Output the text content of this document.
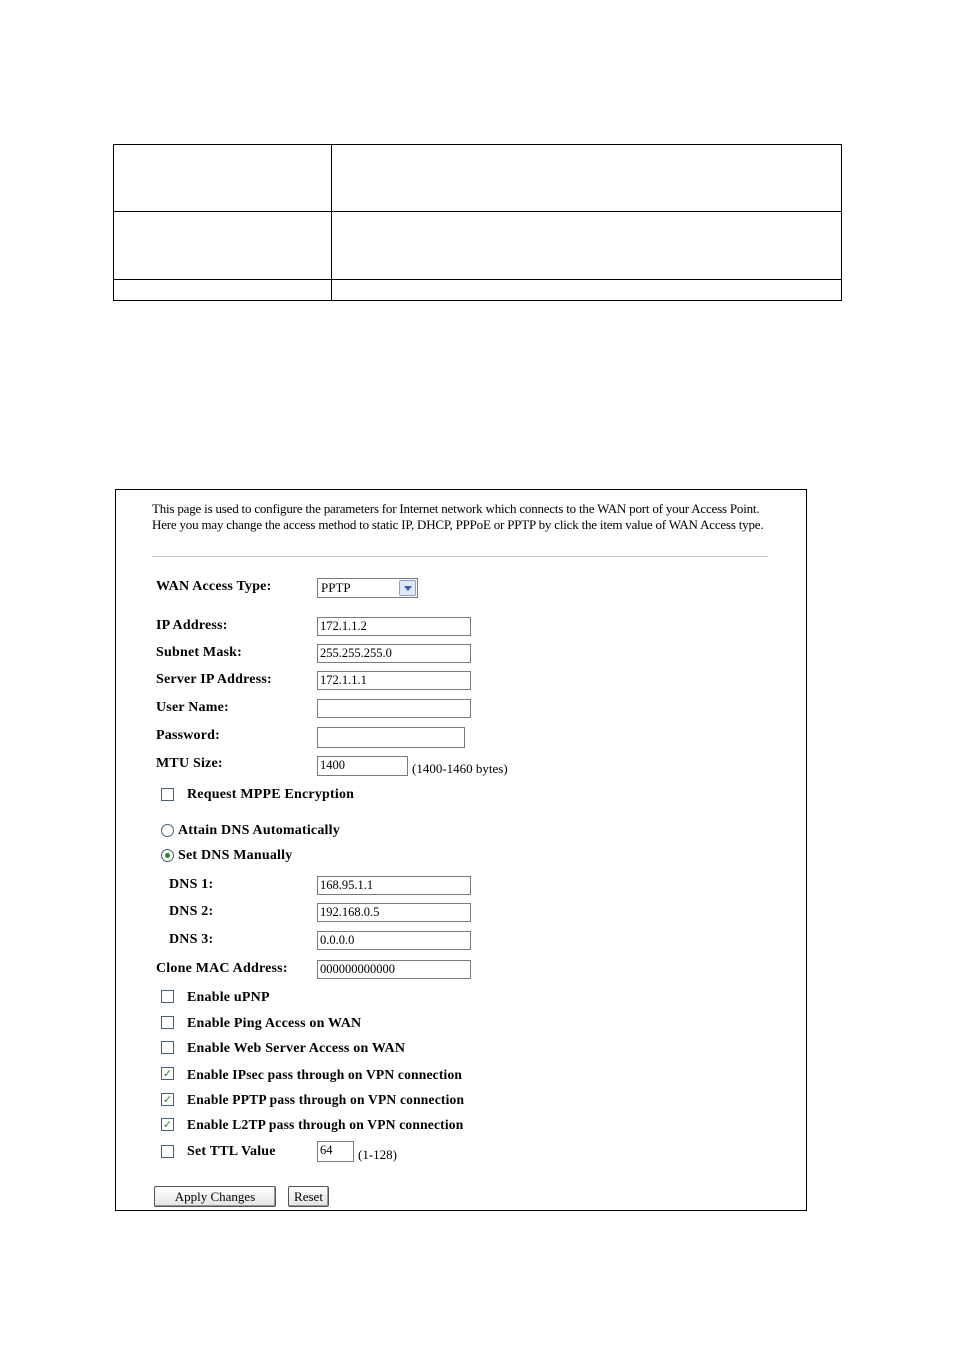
This page is used to configure the parameters for Internet network which connects to the WAN port of your Access Point. Here you may change the access method to static IP, DHCP, PPPoE or PPTP by click the item value of WAN Access type.
WAN Access Type:	PPTP
IP Address:	172.1.1.2
Subnet Mask:	255.255.255.0
Server IP Address:	172.1.1.1
User Name:
Password:
MTU Size:	1400	(1400-1460 bytes)
Request MPPE Encryption
Attain DNS Automatically
Set DNS Manually
DNS 1:	168.95.1.1
DNS 2:	192.168.0.5
DNS 3:	0.0.0.0
Clone MAC Address:	000000000000
Enable uPNP
Enable Ping Access on WAN
Enable Web Server Access on WAN
✓ Enable IPsec pass through on VPN connection
✓ Enable PPTP pass through on VPN connection
✓ Enable L2TP pass through on VPN connection
Set TTL Value	64	(1-128)
Apply Changes	Reset
